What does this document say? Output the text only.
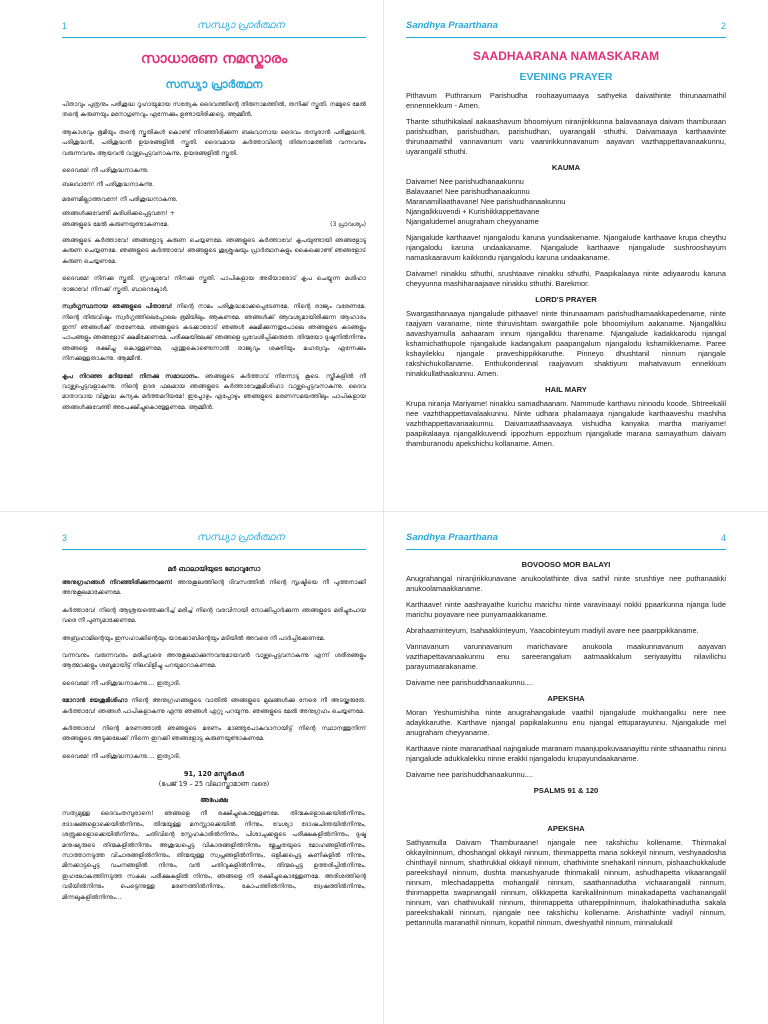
1	സന്ധ്യാ പ്രാർത്ഥന
സാധാരണ നമസ്കാരം
സന്ധ്യാ പ്രാർത്ഥന

പിതാവും പുത്രനും പരിശുദ്ധ റൂഹായുമായ സത്യേക ദൈവത്തിന്റെ തിരുനാമത്തിൽ, തനിക്ക് സ്തുതി. നമ്മുടെ മേൽ തന്റെ കരുണയും മനോഗുണവും എന്നേക്കും ഉണ്ടായിരിക്കട്ടെ. ആമ്മീൻ.

ആകാശവും ഭൂമിയും തന്റെ സ്തുതികൾ കൊണ്ട് നിറഞ്ഞിരിക്കുന്ന ബലവാനായ ദൈവം തമ്പുരാൻ പരിശുദ്ധൻ, പരിശുദ്ധൻ, പരിശുദ്ധൻ ഉയരങ്ങളിൽ സ്തുതി. ദൈവമായ കർത്താവിന്റെ തിരുനാമത്തിൽ വന്നവനും വരുന്നവനും ആയവൻ വാഴ്ത്തപ്പെട്ടവനാകുന്നു, ഉയരങ്ങളിൽ സ്തുതി.

ദൈവമേ! നീ പരിശുദ്ധനാകുന്നു.
ബലവാനേ! നീ പരിശുദ്ധനാകുന്നു.
മരണമില്ലാത്തവനേ! നീ പരിശുദ്ധനാകുന്നു.
ഞങ്ങൾക്കുവേണ്ടി കുരിശിക്കപ്പെട്ടവനേ! +
ഞങ്ങളുടെ മേൽ കരുണയുണ്ടാകണമേ.	(3 പ്രാവശ്യം)

ഞങ്ങളുടെ കർത്താവേ! ഞങ്ങളോടു കരുണ ചെയ്യണമേ. ഞങ്ങളുടെ കർത്താവേ! കൃപയുണ്ടായി ഞങ്ങളോടു കരുണ ചെയ്യണമേ. ഞങ്ങളുടെ കർത്താവേ! ഞങ്ങളുടെ ശുശ്രൂഷയും പ്രാർത്ഥനകളും കൈക്കൊണ്ട് ഞങ്ങളോട് കരുണ ചെയ്യണമേ.

ദൈവമേ! നിനക്കു സ്തുതി. സ്രഷ്ടാവേ! നിനക്കു സ്തുതി. പാപികളായ അടിയാരോട് കൃപ ചെയ്യുന്ന മശിഹാ രാജാവേ! നിനക്ക് സ്തുതി. ബാറെക്മോർ.

സ്വർഗ്ഗസ്ഥനായ ഞങ്ങളുടെ പിതാവേ! നിന്റെ നാമം പരിശുദ്ധമാക്കപ്പെടേണമേ. നിന്റെ രാജ്യം വരേണമേ. നിന്റെ തിരുവിഷ്ടം സ്വർഗ്ഗത്തിലെപ്പോലെ ഭൂമിയിലും ആകണമേ. ഞങ്ങൾക്ക് ആവശ്യമായിരിക്കുന്ന ആഹാരം ഇന്ന് ഞങ്ങൾക്ക് തരേണമേ. ഞങ്ങളുടെ കടക്കാരോട് ഞങ്ങൾ ക്ഷമിക്കുന്നതുപോലെ ഞങ്ങളുടെ കടങ്ങളും പാപങ്ങളും ഞങ്ങളോട് ക്ഷമിക്കേണമേ. പരീക്ഷയിലേക്ക് ഞങ്ങളെ പ്രവേശിപ്പിക്കരുതേ. തിന്മയോ ദുഷ്ടനിൽനിന്നും ഞങ്ങളെ രക്ഷിച്ചു കൊള്ളണമേ. എന്തുകൊണ്ടെന്നാൽ രാജ്യവും ശക്തിയും മഹത്വവും എന്നേക്കും നിനക്കുള്ളതാകുന്നു. ആമ്മീൻ.

കൃപ നിറഞ്ഞ മറിയമേ! നിനക്കു സമാധാനം. ഞങ്ങളുടെ കർത്താവ് നിന്നോടു കൂടെ. സ്ത്രീകളിൽ നീ വാഴ്ത്തപ്പെട്ടവളാകുന്നു. നിന്റെ ഉദര ഫലമായ ഞങ്ങളുടെ കർത്താവേശുമിശിഹാ വാഴ്ത്തപ്പെട്ടവനാകുന്നു. ദൈവ മാതാവായ വിശുദ്ധ കന്യക മർത്തമറിയമേ! ഇപ്പോഴും എപ്പോഴും ഞങ്ങളുടെ മരണസമയത്തിലും പാപികളായ ഞങ്ങൾക്കുവേണ്ടി അപേക്ഷിച്ചുകൊള്ളേണമേ. ആമ്മീൻ.

Sandhya Praarthana	2
SAADHAARANA NAMASKARAM
EVENING PRAYER

Pithavum Puthranum Parishudha roohaayumaaya sathyeka daivathinte thirunaamathil ennennekkum - Amen.

Thante sthuthikalaal aakaashavum bhoomiyum niranjirikkunna balavaanaya daivam thamburaan parishudhan, parishudhan, parishudhan, uyarangalil sthuthi. Daivamaaya karthaavinte thirunaamathil vannavanum varu vaanirikkunnavanum aayavan vazthappettavanaakunnu, uyarangalil sthuthi.

KAUMA
Daivame! Nee parishudhanaakunnu
Balavaane! Nee parishudhanaakunnu
Maranamillaathavane! Nee parishudhanaakunnu
Njangalkkuvendi + Kurishikkappettavane
Njangaludemel anugraham cheyyaname

Njangalude karthaave! njangalodu karuna yundaakename. Njangalude karthaave krupa cheythu njangalodu karuna undaakaname. Njangalude karthaave njangalude sushrooshayum namaskaaravum kaikkondu njangalodu karuna undaakaname.

Daivame! ninakku sthuthi, srushtaave ninakku sthuthi, Paapikalaaya ninte adiyaarodu karuna cheyyunna mashiharaajaave ninakku sthuthi. Barekmor.

LORD'S PRAYER

Swargasthanaaya njangalude pithaave! ninte thirunaamam parishudhamaakkapedename, ninte raajyam varaname, ninte thiruvishtam swargathile pole bhoomiyilum aakaname. Njangalkku aavashyamulla aahaaram innum njangalkku tharename. Njangalude kadakkarodu njangal kshamichathupole njangalude kadangalum paapangalum njangalodu kshamikkename. Paree kshayilekku njangale praveshippikkaruthe. Pinneyo dhushtanil ninnum njangale rakshichukollaname. Enthukondennal raajyavum shaktiyum mahatvavum ennekkum ninakkullathaakunnu. Amen.

HAIL MARY

Krupa niranja Mariyame! ninakku samadhaanam. Nammude karthavu ninnodu koode. Shtreekalil nee vazhthappettavalaakunnu. Ninte udhara phalamaaya njangalude karthaaveshu mashiha vazhthappettavanaakunnu. Daivamaathaavaaya vishudha kanyaka martha mariyame! paapikalaaya njangalkkuvendi ippozhum eppozhum njangalude marana samayathum daivam thamburanodu apekshichu kollaname. Amen.

3	സന്ധ്യാ പ്രാർത്ഥന
മർ ബാലായിയുടെ ബോവുസോ

അനുഗ്രഹങ്ങൾ നിറഞ്ഞിരിക്കുന്നവനെ! അനുകൂലത്തിന്റെ ദിവസത്തിൽ നിന്റെ സൃഷ്ടിയെ നീ പുത്തനാക്കി അനുകൂലമാക്കേണമേ.

കർത്താവേ! നിന്റെ ആശ്രയത്തെക്കുറിച്ച് മരിച്ച് നിന്റെ വരവിനായി നോക്കിപ്പാർക്കുന്ന ഞങ്ങളുടെ മരിച്ചുപോയ വരെ നീ പുണ്യമാക്കേണമേ.

അബ്രഹാമിന്റെയും ഇസഹാക്കിന്റെയും യാക്കോബിന്റെയും മടിയിൽ അവരെ നീ പാർപ്പിക്കേണമേ.

വന്നവനും വരുന്നവനും മരിച്ചവരെ അനുകൂലമാക്കുന്നവനുമായവൻ വാഴ്ത്തപ്പെട്ടവനാകുന്നു എന്ന് ശരീരങ്ങളും ആത്മാക്കളും ശബ്ദമായിട്ട് നിലവിളിച്ചു പറയുമാറാകണമേ.

ദൈവമേ! നീ പരിശുദ്ധനാകുന്നു.... ഇത്യാദി.

മോറാൻ യേശുമിശിഹാ നിന്റെ അനുഗ്രഹങ്ങളുടെ വാതിൽ ഞങ്ങളുടെ മുഖങ്ങൾക്കു നേരെ നീ അടയ്ക്കരുതേ. കർത്താവേ! ഞങ്ങൾ പാപികളാകുന്നു എന്നു ഞങ്ങൾ ഏറ്റു പറയുന്നു. ഞങ്ങളുടെ മേൽ അനുഗ്രഹം ചെയ്യണമേ.

കർത്താവേ! നിന്റെ മരണത്താൽ ഞങ്ങളുടെ മരണം മാഞ്ഞുപോകുവാനായിട്ട് നിന്റെ സ്ഥാനത്തുനിന്ന് ഞങ്ങളുടെ അടുക്കലേക്ക് നിന്നെ ഇറക്കി ഞങ്ങളോടു കരുണയുണ്ടാകണമേ.

ദൈവമേ! നീ പരിശുദ്ധനാകുന്നു.... ഇത്യാദി.

91, 120 മസ്മൂർകൾ
(പേജ് 19 – 25 വിലാസ്ത്രാമാണ വരെ)
അപേക്ഷ

സത്യമുള്ള ദൈവംതമ്പുരാനെ! ഞങ്ങളെ നീ രക്ഷിച്ചുകൊള്ളേണമേ. തിന്മകളൊക്കെയിൽനിന്നും, ദോഷങ്ങളൊക്കെയിൽനിന്നും, തിന്മയുള്ള മനസ്സാക്കെയിൽ നിന്നും, വേശ്യാ ദോഷചിന്തയിൽനിന്നും, ശത്രുക്കളൊക്കെയിൽനിന്നും, ചതിവിന്റെ സ്നേഹകാരിൽനിന്നും, പിശാചുക്കളുടെ പരീക്ഷകളിൽനിന്നും, ദുഷ്ട മനുഷ്യരുടെ തിന്മകളിൽനിന്നും അശുദ്ധപ്പെട്ട വികാരങ്ങളിൽനിന്നും മ്ലേച്ഛതയുടെ മോഹങ്ങളിൽനിന്നും, സാത്താനടുത്ത വിചാരങ്ങളിൽനിന്നും, തിന്മയുള്ള സ്വപ്നങ്ങളിൽനിന്നും, ഒളിക്കപ്പെട്ട കണികളിൽ നിന്നും, മിനക്കാട്ടപ്പെട്ട വചനങ്ങളിൽ നിന്നും, വൻ ചതിവുകളിൽനിന്നും, തിന്മപ്പെട്ട ഉത്തരിപ്പിൽനിന്നും, ഇഹലോകത്തിനടുത്ത സകല പരീക്ഷകളിൽ നിന്നും, ഞങ്ങളെ നീ രക്ഷിച്ചുകൊള്ളേണമേ. അരിശത്തിന്റെ വടിയിൽനിന്നും പെട്ടെന്നുള്ള മരണത്തിൽനിന്നും, കോപത്തിൽനിന്നും, ദ്വേഷത്തിൽനിന്നും, മിന്നലുകളിൽനിന്നും...

Sandhya Praarthana	4
BOVOOSO MOR BALAYI

Anugrahangal niranjirikkunavane anukoolathinte diva sathil ninte srushtiye nee puthanaakki anukoolamaakkaname.

Karthaave! ninte aashrayathe kurichu marichu ninte varavinaayi nokki ppaarkunna njanga lude marichu poyavare nee punyamaakkaname.

Abrahaaminteyum, Isahaakkinteyum, Yaacobinteyum madiyil avare nee paarppikkaname.

Vannavanum varunnavanum marichavare anukoola maakunnavanum aayavan vazthapettavanaakunnu enu sareerangalum aatmaakkalum seriyaayittu nilavilichu parayumaarakaname.

Daivame nee parishuddhanaakunnu....

APEKSHA

Moran Yeshumishiha ninte anugrahangalude vaathil njangalude mukhangalku nere nee adaykkaruthe. Karthave njangal papikalakunnu enu njangal ettuparayunnu. Njangalude mel anugraham cheyyaname.

Karthaave ninte maranathaal najngalude maranam maanjupokuvaanayittu ninte sthaanathu ninnu njangalude adukkalekku ninne erakki njangalodu krupayundaakaname.

Daivame nee parishuddhanaakunnu....

PSALMS 91 & 120
APEKSHA

Sathyamulla Daivam Thamburaane! njangale nee rakshichu kollename. Thinmakal okkayilninnum, dhoshangal okkayil ninnum, thinmappetta mana sokkeyil ninnum, veshyaadosha chinthayil ninnum, shathrukkal okkayil ninnum, chathivinte snehakaril ninnum, pishaachukkalude pareekshayil ninnum, dushta manushyarude thinmakalil ninnum, ashudhapetta vikaarangalil ninnum, mlechadappetta mohangalil ninnum, saathannadutha vichaarangalil ninnum, thinmappetta swapnangalil ninnum, olikkapetta kanikalilninnum minakadapetta vachanangalil ninnum, van chathivukalil ninnum, thinmappetta uthareppilninnum, ihalokathinadutha sakala pareekshakalil ninnum, njangale nee rakshichu kollename. Arishathinte vadiyil ninnum, pettannulla maranathil ninnum, kopathil ninnum, dweshyathil ninnum, minnalukalil
